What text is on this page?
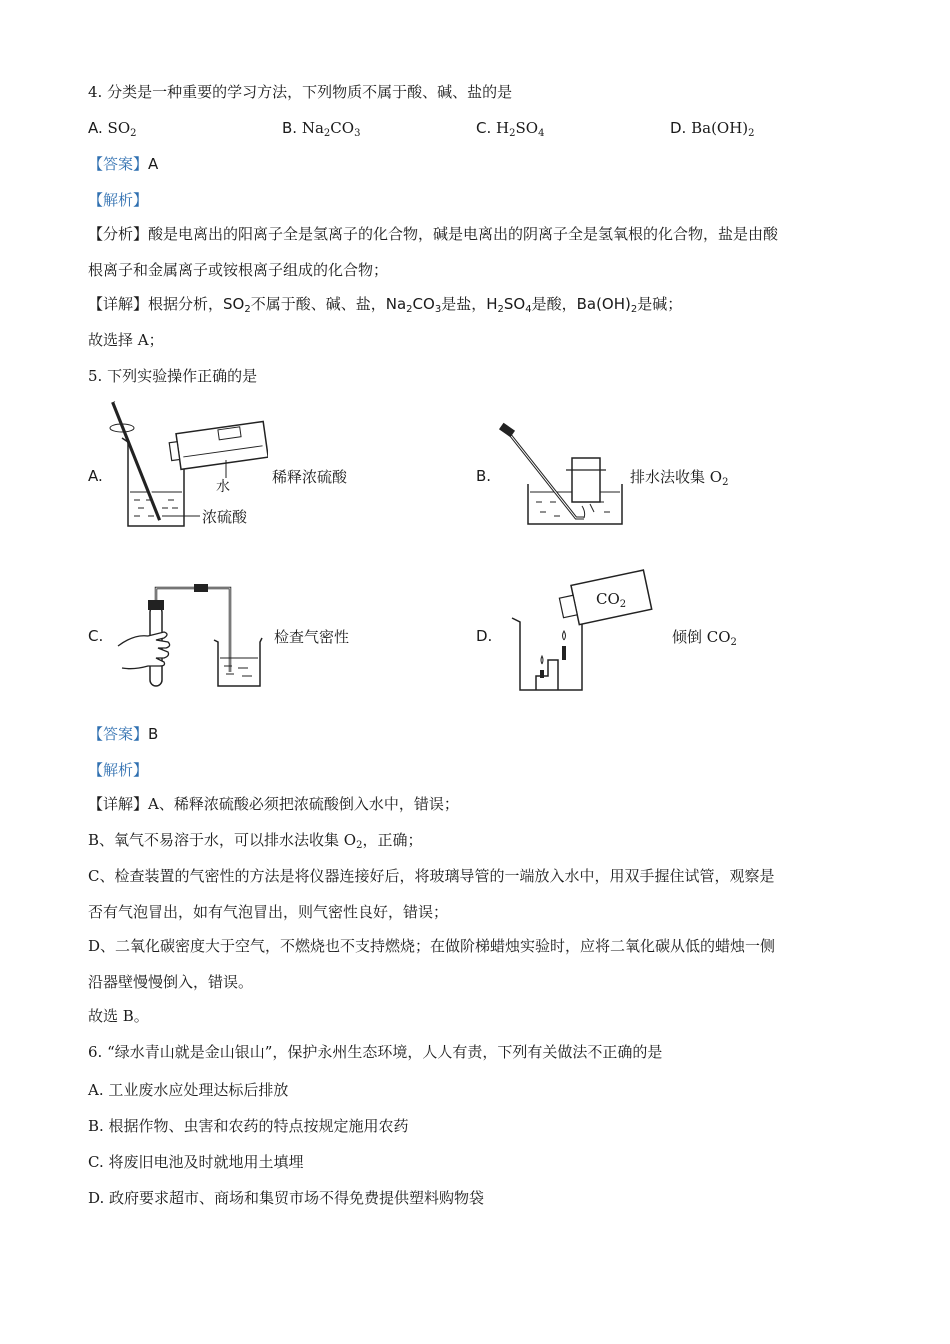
4. 分类是一种重要的学习方法，下列物质不属于酸、碱、盐的是
A. $SO_2$	B. $Na_2CO_3$	C. $H_2SO_4$	D. $Ba(OH)_2$
【答案】A
【解析】
【分析】酸是电离出的阳离子全是氢离子的化合物，碱是电离出的阴离子全是氢氧根的化合物，盐是由酸
根离子和金属离子或铵根离子组成的化合物；
【详解】根据分析，$SO_2$不属于酸、碱、盐，$Na_2CO_3$是盐，$H_2SO_4$是酸，$Ba(OH)_2$是碱；
故选择 A；
5. 下列实验操作正确的是
A.
水
浓硫酸
稀释浓硫酸	B.	排水法收集 $O_2$
C.	检查气密性	D.
$CO_2$
倾倒 $CO_2$
【答案】B
【解析】
【详解】A、稀释浓硫酸必须把浓硫酸倒入水中，错误；
B、氧气不易溶于水，可以排水法收集 $O_2$，正确；
C、检查装置的气密性的方法是将仪器连接好后，将玻璃导管的一端放入水中，用双手握住试管，观察是
否有气泡冒出，如有气泡冒出，则气密性良好，错误；
D、二氧化碳密度大于空气，不燃烧也不支持燃烧；在做阶梯蜡烛实验时，应将二氧化碳从低的蜡烛一侧
沿器壁慢慢倒入，错误。
故选 B。
6. “绿水青山就是金山银山”，保护永州生态环境，人人有责，下列有关做法不正确的是
A. 工业废水应处理达标后排放
B. 根据作物、虫害和农药的特点按规定施用农药
C. 将废旧电池及时就地用土填埋
D. 政府要求超市、商场和集贸市场不得免费提供塑料购物袋
